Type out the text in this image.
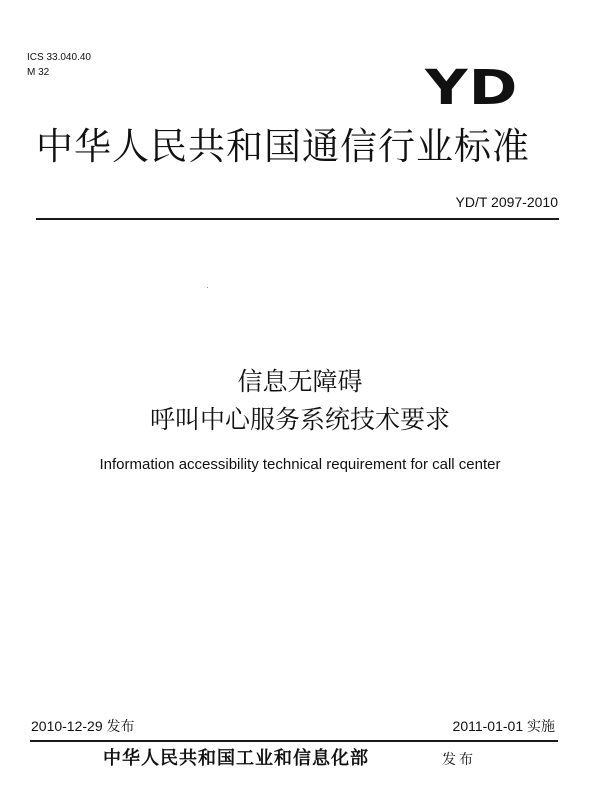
ICS 33.040.40
M 32	YD
中华人民共和国通信行业标准
YD/T 2097-2010
信息无障碍
呼叫中心服务系统技术要求
Information accessibility technical requirement for call center
2010-12-29 发布	2011-01-01 实施
中华人民共和国工业和信息化部	发布
